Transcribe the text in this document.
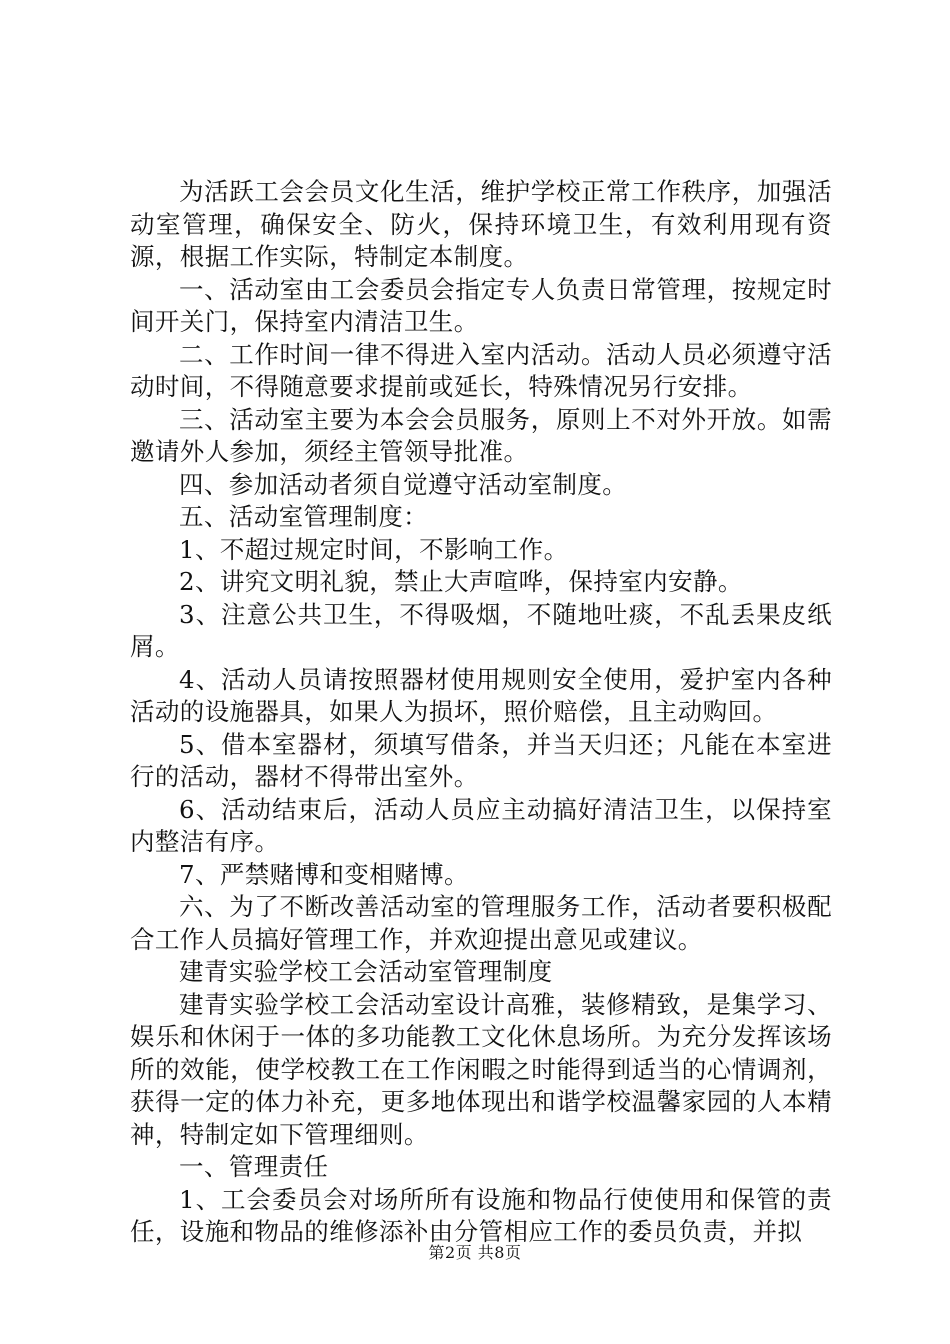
为活跃工会会员文化生活，维护学校正常工作秩序，加强活动室管理，确保安全、防火，保持环境卫生，有效利用现有资源，根据工作实际，特制定本制度。

一、活动室由工会委员会指定专人负责日常管理，按规定时间开关门，保持室内清洁卫生。

二、工作时间一律不得进入室内活动。活动人员必须遵守活动时间，不得随意要求提前或延长，特殊情况另行安排。

三、活动室主要为本会会员服务，原则上不对外开放。如需邀请外人参加，须经主管领导批准。

四、参加活动者须自觉遵守活动室制度。

五、活动室管理制度：

1、不超过规定时间，不影响工作。

2、讲究文明礼貌，禁止大声喧哗，保持室内安静。

3、注意公共卫生，不得吸烟，不随地吐痰，不乱丢果皮纸屑。

4、活动人员请按照器材使用规则安全使用，爱护室内各种活动的设施器具，如果人为损坏，照价赔偿，且主动购回。

5、借本室器材，须填写借条，并当天归还；凡能在本室进行的活动，器材不得带出室外。

6、活动结束后，活动人员应主动搞好清洁卫生，以保持室内整洁有序。

7、严禁赌博和变相赌博。

六、为了不断改善活动室的管理服务工作，活动者要积极配合工作人员搞好管理工作，并欢迎提出意见或建议。

建青实验学校工会活动室管理制度

建青实验学校工会活动室设计高雅，装修精致，是集学习、娱乐和休闲于一体的多功能教工文化休息场所。为充分发挥该场所的效能，使学校教工在工作闲暇之时能得到适当的心情调剂，获得一定的体力补充，更多地体现出和谐学校温馨家园的人本精神，特制定如下管理细则。

一、管理责任

1、工会委员会对场所所有设施和物品行使使用和保管的责任，设施和物品的维修添补由分管相应工作的委员负责，并拟

第2页 共8页
